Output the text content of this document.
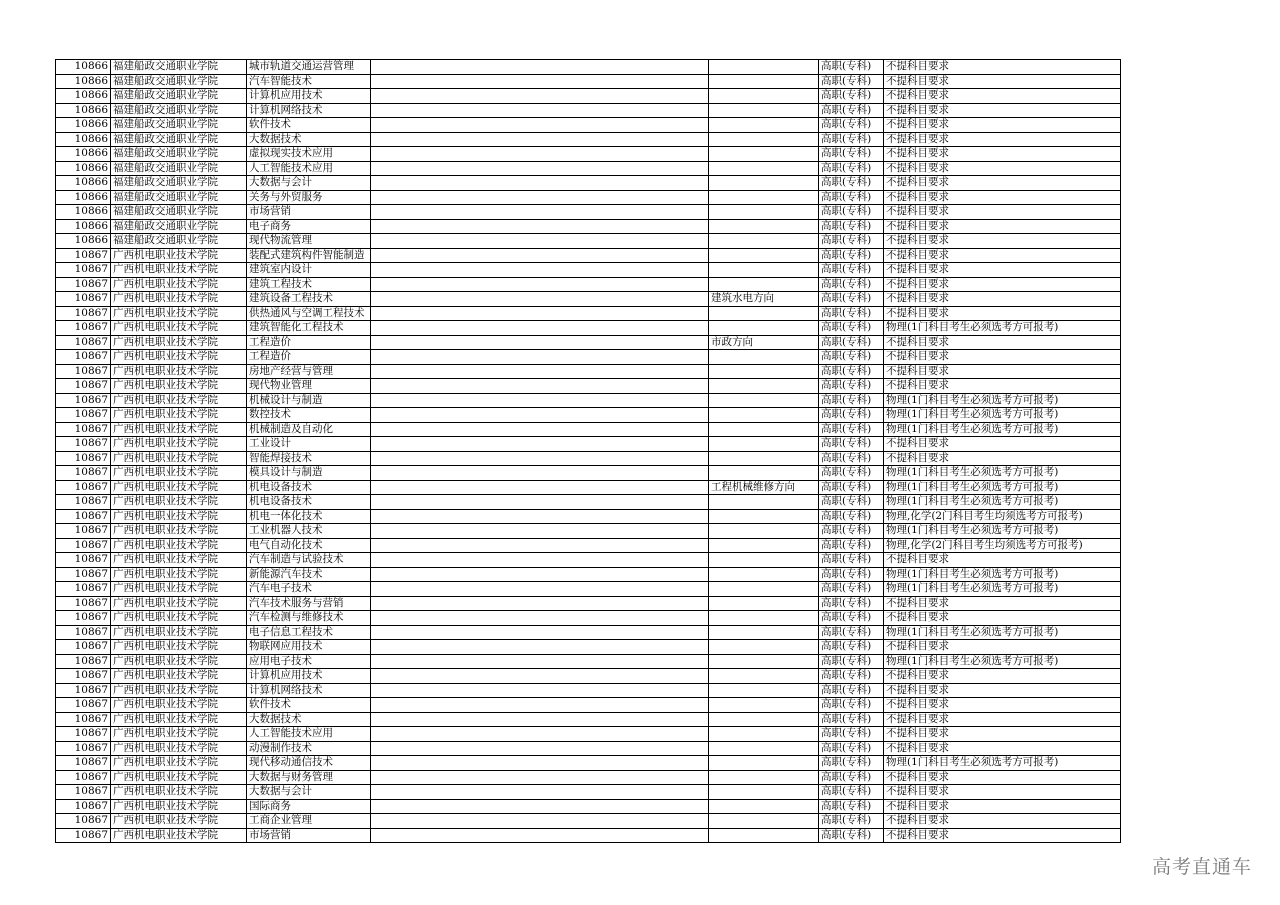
10866	福建船政交通职业学院	城市轨道交通运营管理			高职(专科)	不提科目要求
10866	福建船政交通职业学院	汽车智能技术			高职(专科)	不提科目要求
10866	福建船政交通职业学院	计算机应用技术			高职(专科)	不提科目要求
10866	福建船政交通职业学院	计算机网络技术			高职(专科)	不提科目要求
10866	福建船政交通职业学院	软件技术			高职(专科)	不提科目要求
10866	福建船政交通职业学院	大数据技术			高职(专科)	不提科目要求
10866	福建船政交通职业学院	虚拟现实技术应用			高职(专科)	不提科目要求
10866	福建船政交通职业学院	人工智能技术应用			高职(专科)	不提科目要求
10866	福建船政交通职业学院	大数据与会计			高职(专科)	不提科目要求
10866	福建船政交通职业学院	关务与外贸服务			高职(专科)	不提科目要求
10866	福建船政交通职业学院	市场营销			高职(专科)	不提科目要求
10866	福建船政交通职业学院	电子商务			高职(专科)	不提科目要求
10866	福建船政交通职业学院	现代物流管理			高职(专科)	不提科目要求
10867	广西机电职业技术学院	装配式建筑构件智能制造			高职(专科)	不提科目要求
10867	广西机电职业技术学院	建筑室内设计			高职(专科)	不提科目要求
10867	广西机电职业技术学院	建筑工程技术			高职(专科)	不提科目要求
10867	广西机电职业技术学院	建筑设备工程技术		建筑水电方向	高职(专科)	不提科目要求
10867	广西机电职业技术学院	供热通风与空调工程技术			高职(专科)	不提科目要求
10867	广西机电职业技术学院	建筑智能化工程技术			高职(专科)	物理(1门科目考生必须选考方可报考)
10867	广西机电职业技术学院	工程造价		市政方向	高职(专科)	不提科目要求
10867	广西机电职业技术学院	工程造价			高职(专科)	不提科目要求
10867	广西机电职业技术学院	房地产经营与管理			高职(专科)	不提科目要求
10867	广西机电职业技术学院	现代物业管理			高职(专科)	不提科目要求
10867	广西机电职业技术学院	机械设计与制造			高职(专科)	物理(1门科目考生必须选考方可报考)
10867	广西机电职业技术学院	数控技术			高职(专科)	物理(1门科目考生必须选考方可报考)
10867	广西机电职业技术学院	机械制造及自动化			高职(专科)	物理(1门科目考生必须选考方可报考)
10867	广西机电职业技术学院	工业设计			高职(专科)	不提科目要求
10867	广西机电职业技术学院	智能焊接技术			高职(专科)	不提科目要求
10867	广西机电职业技术学院	模具设计与制造			高职(专科)	物理(1门科目考生必须选考方可报考)
10867	广西机电职业技术学院	机电设备技术		工程机械维修方向	高职(专科)	物理(1门科目考生必须选考方可报考)
10867	广西机电职业技术学院	机电设备技术			高职(专科)	物理(1门科目考生必须选考方可报考)
10867	广西机电职业技术学院	机电一体化技术			高职(专科)	物理,化学(2门科目考生均须选考方可报考)
10867	广西机电职业技术学院	工业机器人技术			高职(专科)	物理(1门科目考生必须选考方可报考)
10867	广西机电职业技术学院	电气自动化技术			高职(专科)	物理,化学(2门科目考生均须选考方可报考)
10867	广西机电职业技术学院	汽车制造与试验技术			高职(专科)	不提科目要求
10867	广西机电职业技术学院	新能源汽车技术			高职(专科)	物理(1门科目考生必须选考方可报考)
10867	广西机电职业技术学院	汽车电子技术			高职(专科)	物理(1门科目考生必须选考方可报考)
10867	广西机电职业技术学院	汽车技术服务与营销			高职(专科)	不提科目要求
10867	广西机电职业技术学院	汽车检测与维修技术			高职(专科)	不提科目要求
10867	广西机电职业技术学院	电子信息工程技术			高职(专科)	物理(1门科目考生必须选考方可报考)
10867	广西机电职业技术学院	物联网应用技术			高职(专科)	不提科目要求
10867	广西机电职业技术学院	应用电子技术			高职(专科)	物理(1门科目考生必须选考方可报考)
10867	广西机电职业技术学院	计算机应用技术			高职(专科)	不提科目要求
10867	广西机电职业技术学院	计算机网络技术			高职(专科)	不提科目要求
10867	广西机电职业技术学院	软件技术			高职(专科)	不提科目要求
10867	广西机电职业技术学院	大数据技术			高职(专科)	不提科目要求
10867	广西机电职业技术学院	人工智能技术应用			高职(专科)	不提科目要求
10867	广西机电职业技术学院	动漫制作技术			高职(专科)	不提科目要求
10867	广西机电职业技术学院	现代移动通信技术			高职(专科)	物理(1门科目考生必须选考方可报考)
10867	广西机电职业技术学院	大数据与财务管理			高职(专科)	不提科目要求
10867	广西机电职业技术学院	大数据与会计			高职(专科)	不提科目要求
10867	广西机电职业技术学院	国际商务			高职(专科)	不提科目要求
10867	广西机电职业技术学院	工商企业管理			高职(专科)	不提科目要求
10867	广西机电职业技术学院	市场营销			高职(专科)	不提科目要求
高考直通车
